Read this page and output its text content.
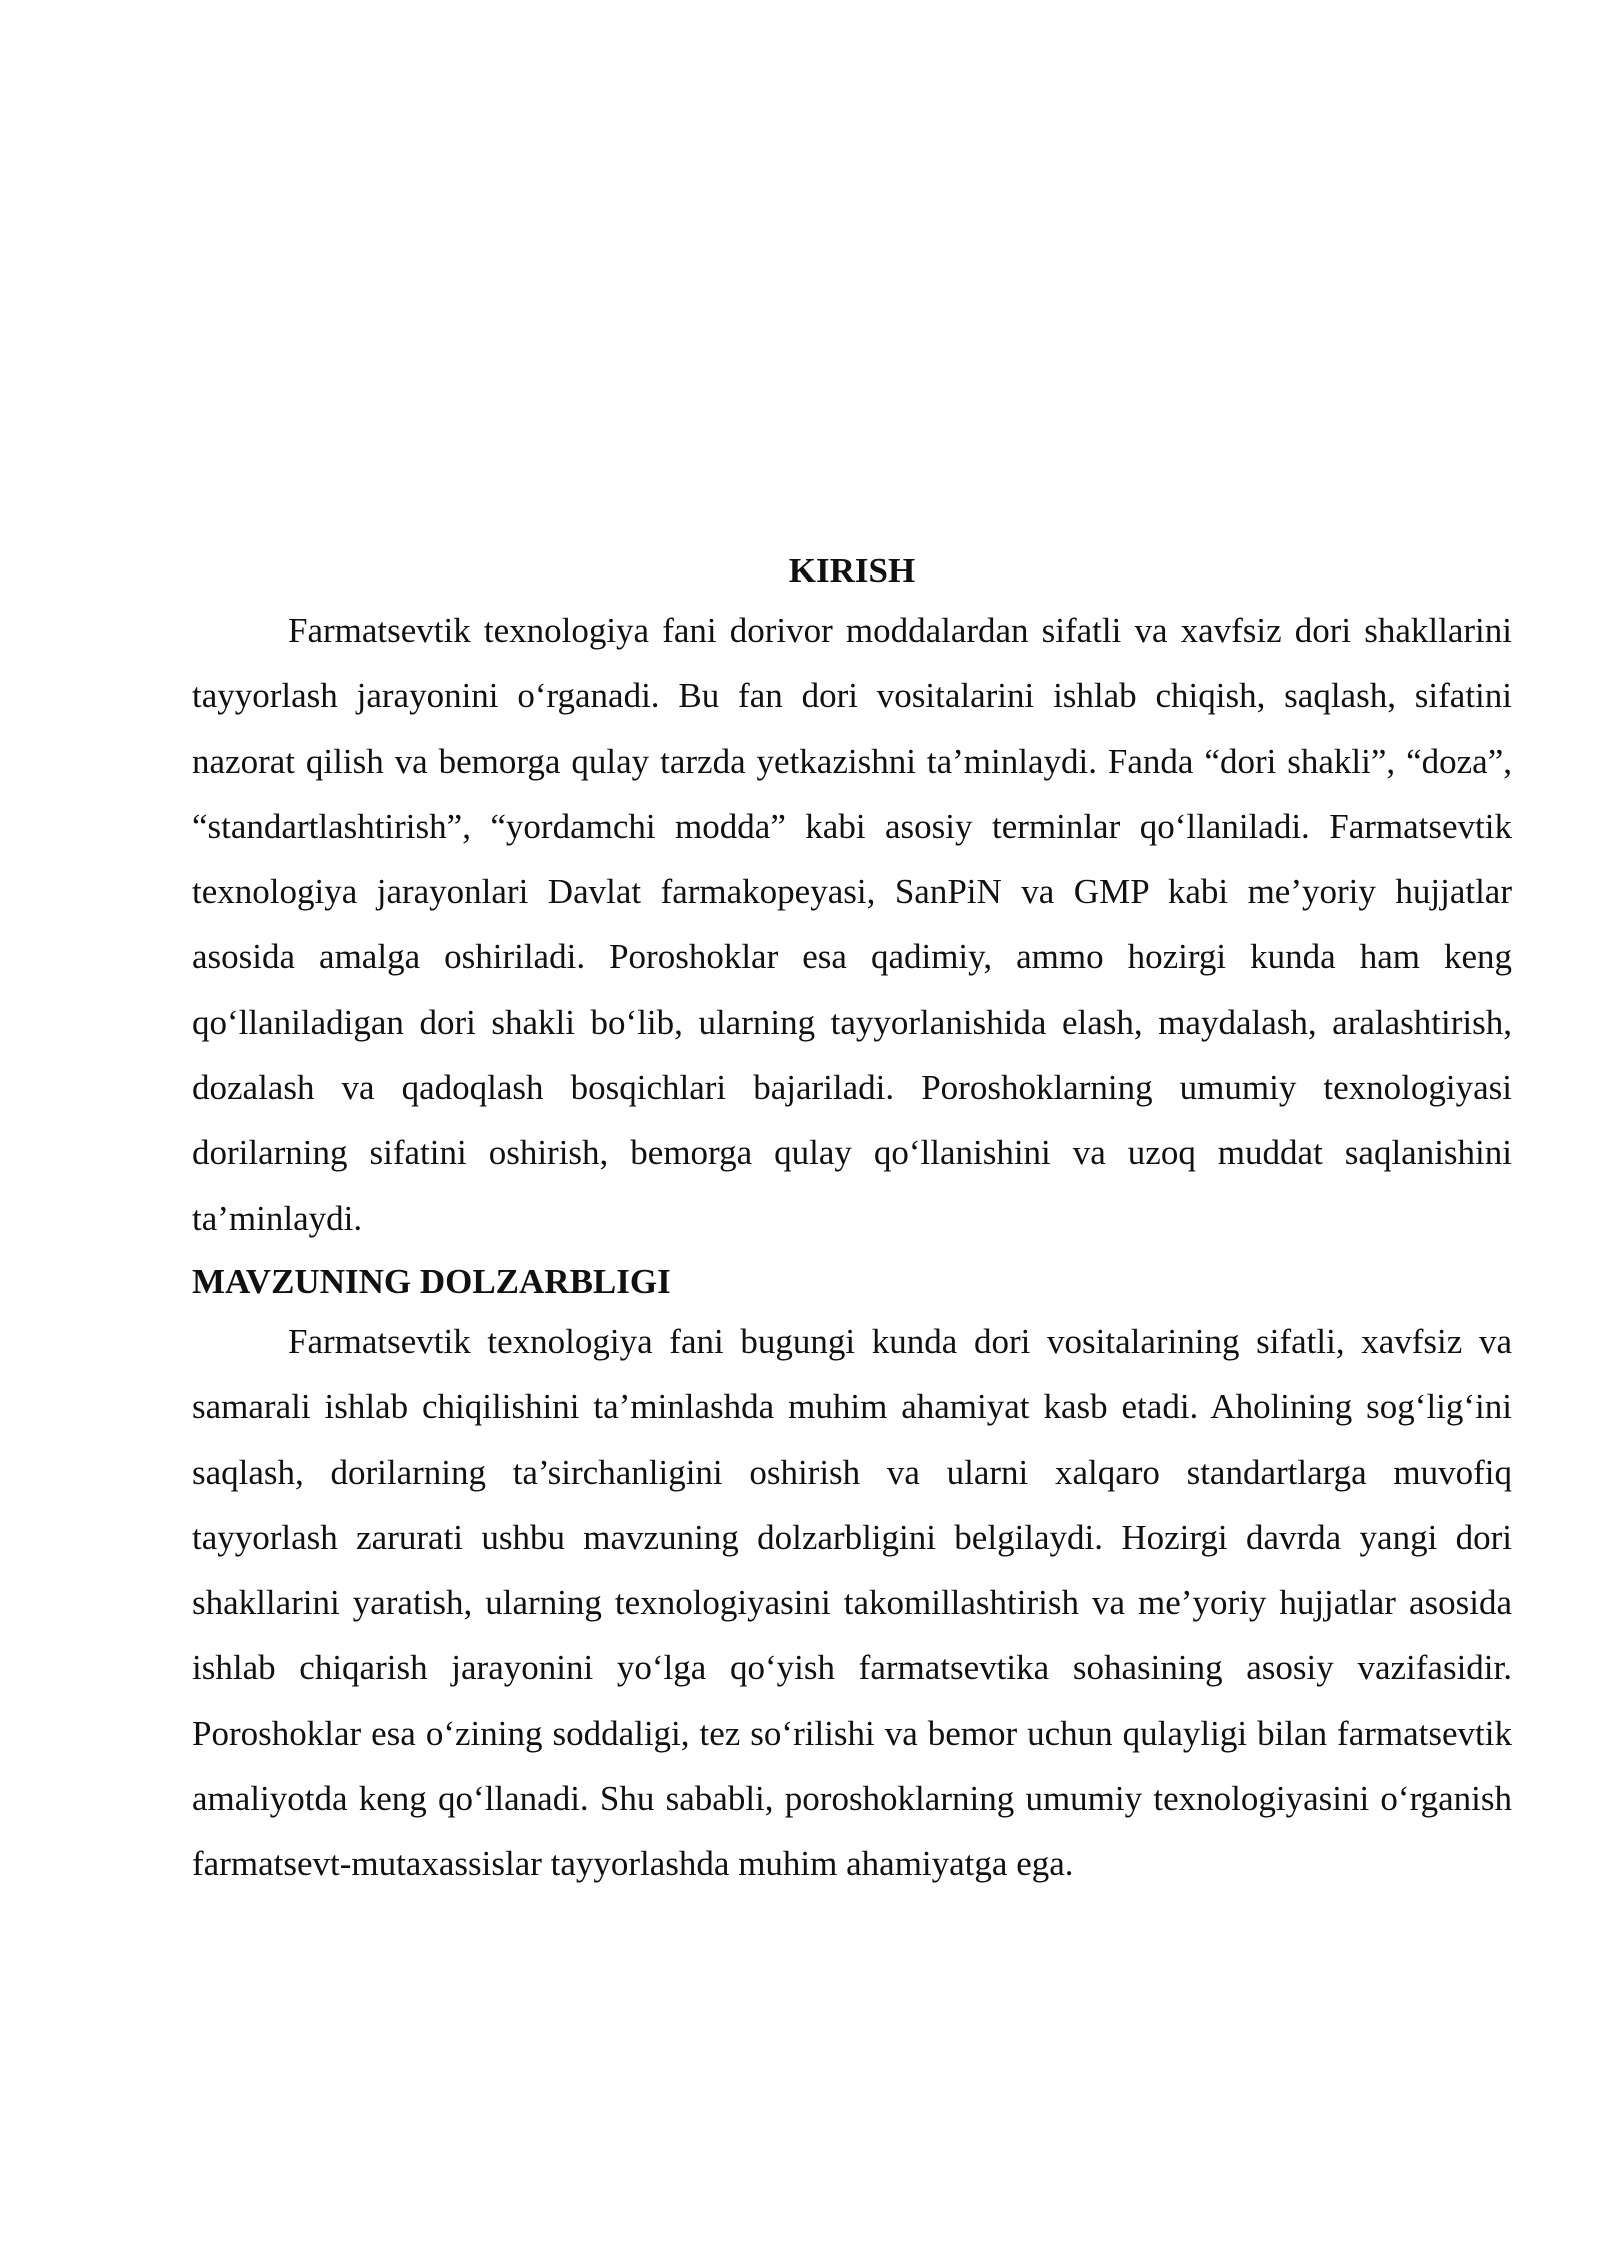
KIRISH

Farmatsevtik texnologiya fani dorivor moddalardan sifatli va xavfsiz dori shakllarini tayyorlash jarayonini o‘rganadi. Bu fan dori vositalarini ishlab chiqish, saqlash, sifatini nazorat qilish va bemorga qulay tarzda yetkazishni ta’minlaydi. Fanda “dori shakli”, “doza”, “standartlashtirish”, “yordamchi modda” kabi asosiy terminlar qo‘llaniladi. Farmatsevtik texnologiya jarayonlari Davlat farmakopeyasi, SanPiN va GMP kabi me’yoriy hujjatlar asosida amalga oshiriladi. Poroshoklar esa qadimiy, ammo hozirgi kunda ham keng qo‘llaniladigan dori shakli bo‘lib, ularning tayyorlanishida elash, maydalash, aralashtirish, dozalash va qadoqlash bosqichlari bajariladi. Poroshoklarning umumiy texnologiyasi dorilarning sifatini oshirish, bemorga qulay qo‘llanishini va uzoq muddat saqlanishini ta’minlaydi.

MAVZUNING DOLZARBLIGI

Farmatsevtik texnologiya fani bugungi kunda dori vositalarining sifatli, xavfsiz va samarali ishlab chiqilishini ta’minlashda muhim ahamiyat kasb etadi. Aholining sog‘lig‘ini saqlash, dorilarning ta’sirchanligini oshirish va ularni xalqaro standartlarga muvofiq tayyorlash zarurati ushbu mavzuning dolzarbligini belgilaydi. Hozirgi davrda yangi dori shakllarini yaratish, ularning texnologiyasini takomillashtirish va me’yoriy hujjatlar asosida ishlab chiqarish jarayonini yo‘lga qo‘yish farmatsevtika sohasining asosiy vazifasidir. Poroshoklar esa o‘zining soddaligi, tez so‘rilishi va bemor uchun qulayligi bilan farmatsevtik amaliyotda keng qo‘llanadi. Shu sababli, poroshoklarning umumiy texnologiyasini o‘rganish farmatsevt-mutaxassislar tayyorlashda muhim ahamiyatga ega.
